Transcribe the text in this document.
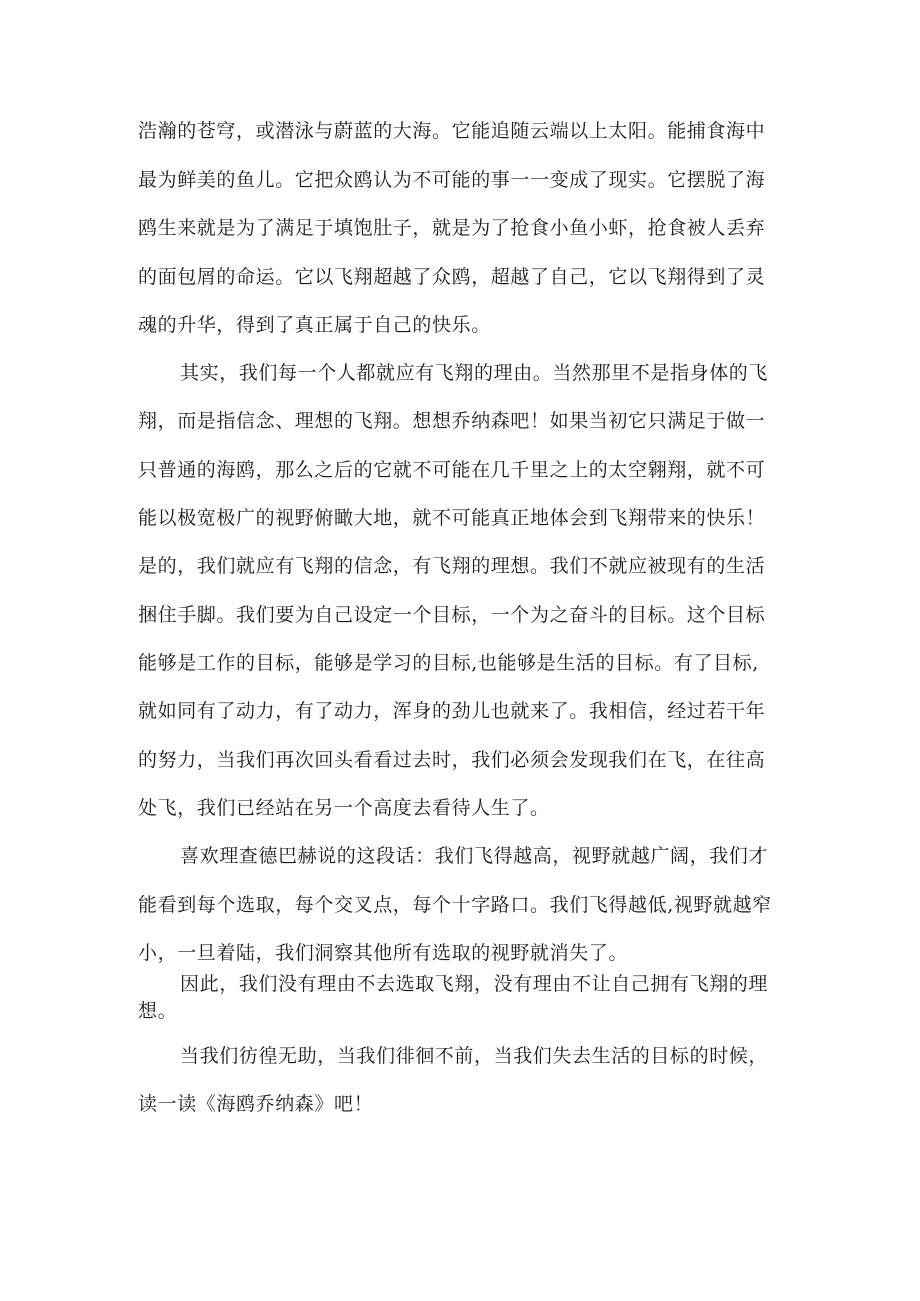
浩瀚的苍穹，或潜泳与蔚蓝的大海。它能追随云端以上太阳。能捕食海中
最为鲜美的鱼儿。它把众鸥认为不可能的事一一变成了现实。它摆脱了海
鸥生来就是为了满足于填饱肚子，就是为了抢食小鱼小虾，抢食被人丢弃
的面包屑的命运。它以飞翔超越了众鸥，超越了自己，它以飞翔得到了灵
魂的升华，得到了真正属于自己的快乐。
其实，我们每一个人都就应有飞翔的理由。当然那里不是指身体的飞
翔，而是指信念、理想的飞翔。想想乔纳森吧！如果当初它只满足于做一
只普通的海鸥，那么之后的它就不可能在几千里之上的太空翱翔，就不可
能以极宽极广的视野俯瞰大地，就不可能真正地体会到飞翔带来的快乐！
是的，我们就应有飞翔的信念，有飞翔的理想。我们不就应被现有的生活
捆住手脚。我们要为自己设定一个目标，一个为之奋斗的目标。这个目标
能够是工作的目标，能够是学习的目标,也能够是生活的目标。有了目标,
就如同有了动力，有了动力，浑身的劲儿也就来了。我相信，经过若干年
的努力，当我们再次回头看看过去时，我们必须会发现我们在飞，在往高
处飞，我们已经站在另一个高度去看待人生了。
喜欢理查德巴赫说的这段话：我们飞得越高，视野就越广阔，我们才
能看到每个选取，每个交叉点，每个十字路口。我们飞得越低,视野就越窄
小，一旦着陆，我们洞察其他所有选取的视野就消失了。
因此，我们没有理由不去选取飞翔，没有理由不让自己拥有飞翔的理
想。
当我们彷徨无助，当我们徘徊不前，当我们失去生活的目标的时候，
读一读《海鸥乔纳森》吧！
